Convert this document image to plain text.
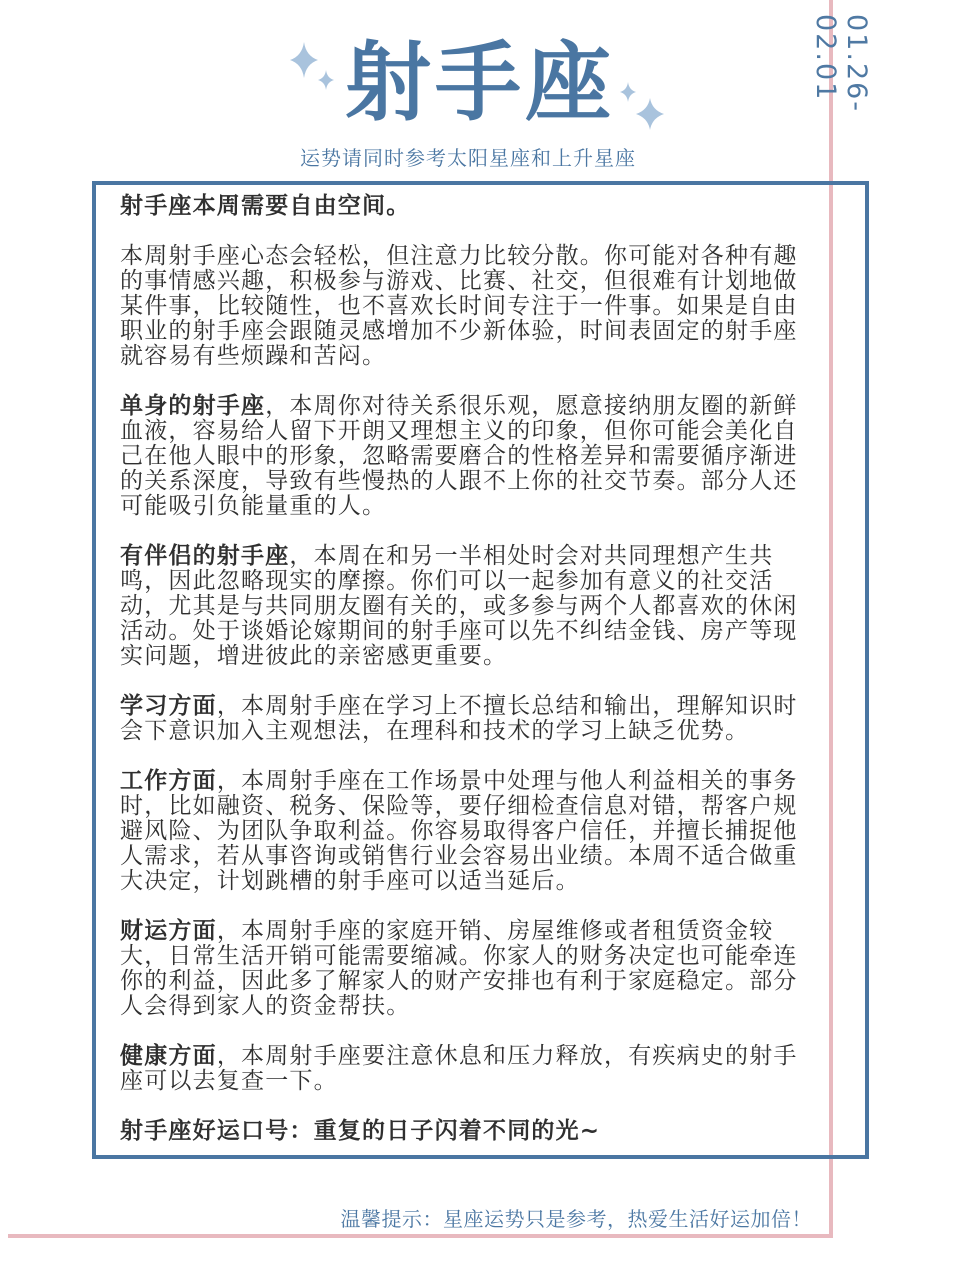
01.26-02.01
射手座
运势请同时参考太阳星座和上升星座

射手座本周需要自由空间。

本周射手座心态会轻松，但注意力比较分散。你可能对各种有趣的事情感兴趣，积极参与游戏、比赛、社交，但很难有计划地做某件事，比较随性，也不喜欢长时间专注于一件事。如果是自由职业的射手座会跟随灵感增加不少新体验，时间表固定的射手座就容易有些烦躁和苦闷。

单身的射手座，本周你对待关系很乐观，愿意接纳朋友圈的新鲜血液，容易给人留下开朗又理想主义的印象，但你可能会美化自己在他人眼中的形象，忽略需要磨合的性格差异和需要循序渐进的关系深度，导致有些慢热的人跟不上你的社交节奏。部分人还可能吸引负能量重的人。

有伴侣的射手座，本周在和另一半相处时会对共同理想产生共鸣，因此忽略现实的摩擦。你们可以一起参加有意义的社交活动，尤其是与共同朋友圈有关的，或多参与两个人都喜欢的休闲活动。处于谈婚论嫁期间的射手座可以先不纠结金钱、房产等现实问题，增进彼此的亲密感更重要。

学习方面，本周射手座在学习上不擅长总结和输出，理解知识时会下意识加入主观想法，在理科和技术的学习上缺乏优势。

工作方面，本周射手座在工作场景中处理与他人利益相关的事务时，比如融资、税务、保险等，要仔细检查信息对错，帮客户规避风险、为团队争取利益。你容易取得客户信任，并擅长捕捉他人需求，若从事咨询或销售行业会容易出业绩。本周不适合做重大决定，计划跳槽的射手座可以适当延后。

财运方面，本周射手座的家庭开销、房屋维修或者租赁资金较大，日常生活开销可能需要缩减。你家人的财务决定也可能牵连你的利益，因此多了解家人的财产安排也有利于家庭稳定。部分人会得到家人的资金帮扶。

健康方面，本周射手座要注意休息和压力释放，有疾病史的射手座可以去复查一下。

射手座好运口号：重复的日子闪着不同的光~

温馨提示：星座运势只是参考，热爱生活好运加倍！
